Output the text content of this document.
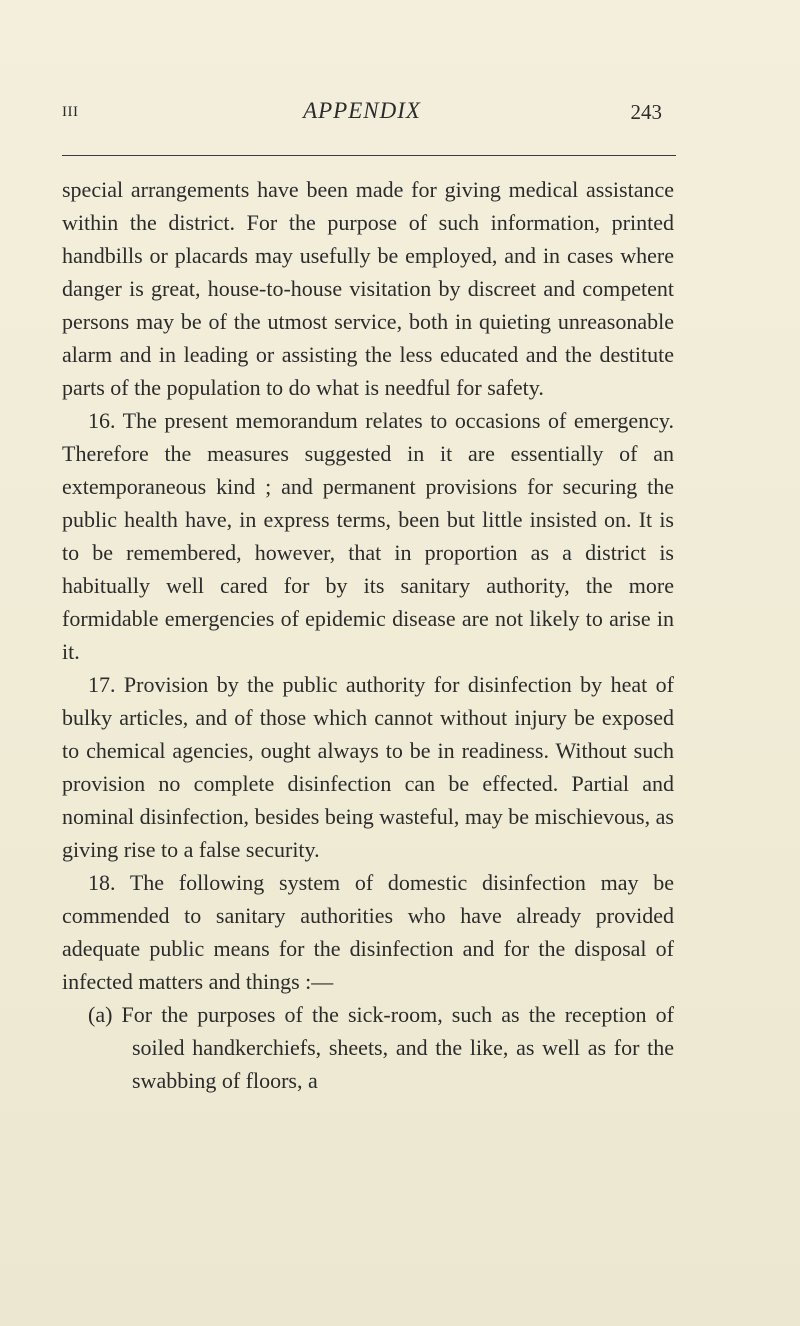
III	APPENDIX	243

special arrangements have been made for giving medical assistance within the district. For the purpose of such information, printed handbills or placards may usefully be employed, and in cases where danger is great, house-to-house visitation by discreet and competent persons may be of the utmost service, both in quieting unreasonable alarm and in leading or assisting the less educated and the destitute parts of the population to do what is needful for safety.

16. The present memorandum relates to occasions of emergency. Therefore the measures suggested in it are essentially of an extemporaneous kind ; and permanent provisions for securing the public health have, in express terms, been but little insisted on. It is to be remembered, however, that in proportion as a district is habitually well cared for by its sanitary authority, the more formidable emergencies of epidemic disease are not likely to arise in it.

17. Provision by the public authority for disinfection by heat of bulky articles, and of those which cannot without injury be exposed to chemical agencies, ought always to be in readiness. Without such provision no complete disinfection can be effected. Partial and nominal disinfection, besides being wasteful, may be mischievous, as giving rise to a false security.

18. The following system of domestic disinfection may be commended to sanitary authorities who have already provided adequate public means for the disinfection and for the disposal of infected matters and things :—

(a) For the purposes of the sick-room, such as the reception of soiled handkerchiefs, sheets, and the like, as well as for the swabbing of floors, a
